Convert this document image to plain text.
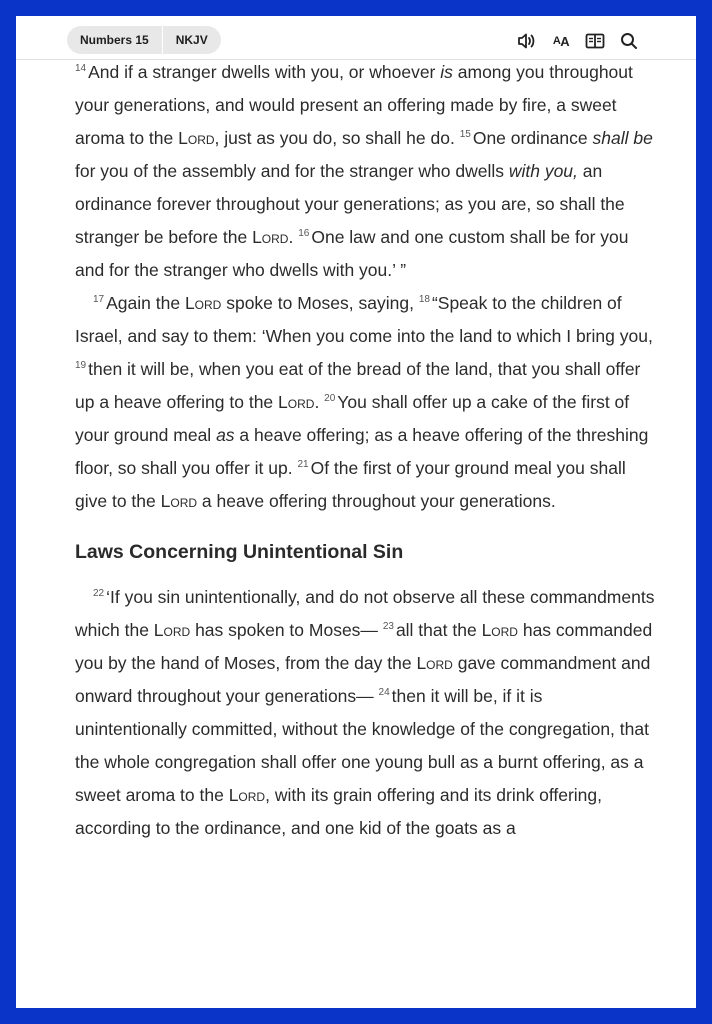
Numbers 15	NKJV	A A

$^{14}$ And if a stranger dwells with you, or whoever is among you throughout your generations, and would present an offering made by fire, a sweet aroma to the Lord, just as you do, so shall he do. $^{15}$ One ordinance shall be for you of the assembly and for the stranger who dwells with you, an ordinance forever throughout your generations; as you are, so shall the stranger be before the Lord. $^{16}$ One law and one custom shall be for you and for the stranger who dwells with you.’ ”

$^{17}$ Again the Lord spoke to Moses, saying, $^{18}$ “Speak to the children of Israel, and say to them: ‘When you come into the land to which I bring you, $^{19}$ then it will be, when you eat of the bread of the land, that you shall offer up a heave offering to the Lord. $^{20}$ You shall offer up a cake of the first of your ground meal as a heave offering; as a heave offering of the threshing floor, so shall you offer it up. $^{21}$ Of the first of your ground meal you shall give to the Lord a heave offering throughout your generations.

Laws Concerning Unintentional Sin

$^{22}$ ‘If you sin unintentionally, and do not observe all these commandments which the Lord has spoken to Moses— $^{23}$ all that the Lord has commanded you by the hand of Moses, from the day the Lord gave commandment and onward throughout your generations— $^{24}$ then it will be, if it is unintentionally committed, without the knowledge of the congregation, that the whole congregation shall offer one young bull as a burnt offering, as a sweet aroma to the Lord, with its grain offering and its drink offering, according to the ordinance, and one kid of the goats as a
